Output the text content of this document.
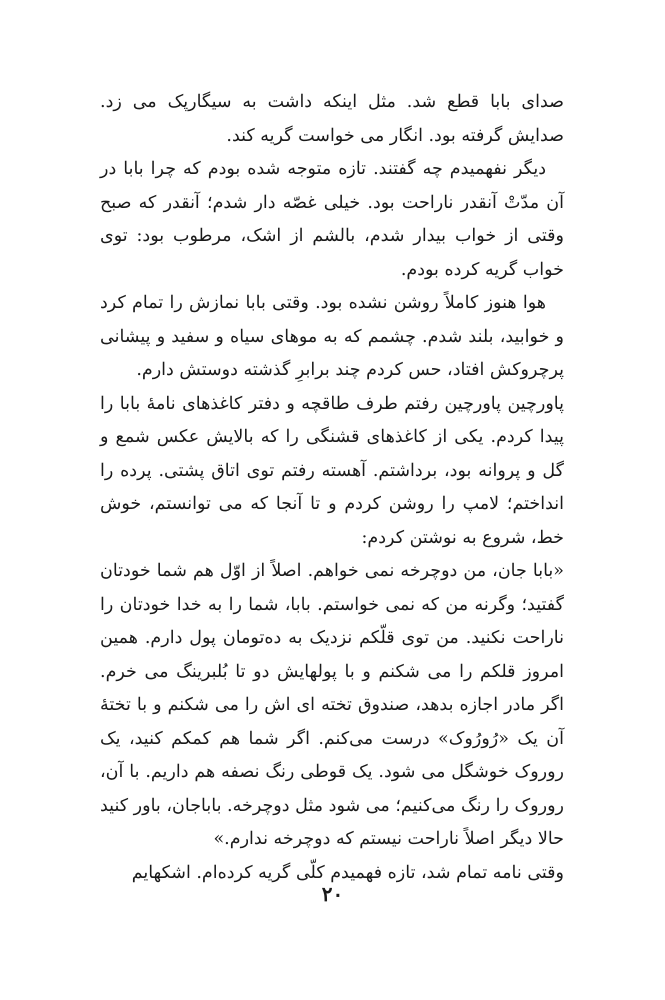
صدای بابا قطع شد. مثل اینکه داشت به سیگارپک می زد. صدایش گرفته بود. انگار می خواست گریه کند.

دیگر نفهمیدم چه گفتند. تازه متوجه شده بودم که چرا بابا در آن مدّتْ آنقدر ناراحت بود. خیلی غصّه دار شدم؛ آنقدر که صبح وقتی از خواب بیدار شدم، بالشم از اشک، مرطوب بود: توی خواب گریه کرده بودم.

هوا هنوز کاملاً روشن نشده بود. وقتی بابا نمازش را تمام کرد و خوابید، بلند شدم. چشمم که به موهای سیاه و سفید و پیشانی پرچروکش افتاد، حس کردم چند برابرِ گذشته دوستش دارم.

پاورچین پاورچین رفتم طرف طاقچه و دفتر کاغذهای نامهٔ بابا را پیدا کردم. یکی از کاغذهای قشنگی را که بالایش عکس شمع و گل و پروانه بود، برداشتم. آهسته رفتم توی اتاق پشتی. پرده را انداختم؛ لامپ را روشن کردم و تا آنجا که می توانستم، خوش خط، شروع به نوشتن کردم:

«بابا جان، من دوچرخه نمی خواهم. اصلاً از اوّل هم شما خودتان گفتید؛ وگرنه من که نمی خواستم. بابا، شما را به خدا خودتان را ناراحت نکنید. من توی قلّکم نزدیک به ده‌تومان پول دارم. همین امروز قلکم را می شکنم و با پولهایش دو تا بُلبرینگ می خرم. اگر مادر اجازه بدهد، صندوق تخته ای اش را می شکنم و با تختهٔ آن یک «رُورُوک» درست می‌کنم. اگر شما هم کمکم کنید، یک روروک خوشگل می شود. یک قوطی رنگ نصفه هم داریم. با آن، روروک را رنگ می‌کنیم؛ می شود مثل دوچرخه. باباجان، باور کنید حالا دیگر اصلاً ناراحت نیستم که دوچرخه ندارم.»

وقتی نامه تمام شد، تازه فهمیدم کلّی گریه کرده‌ام. اشکهایم

۲۰
